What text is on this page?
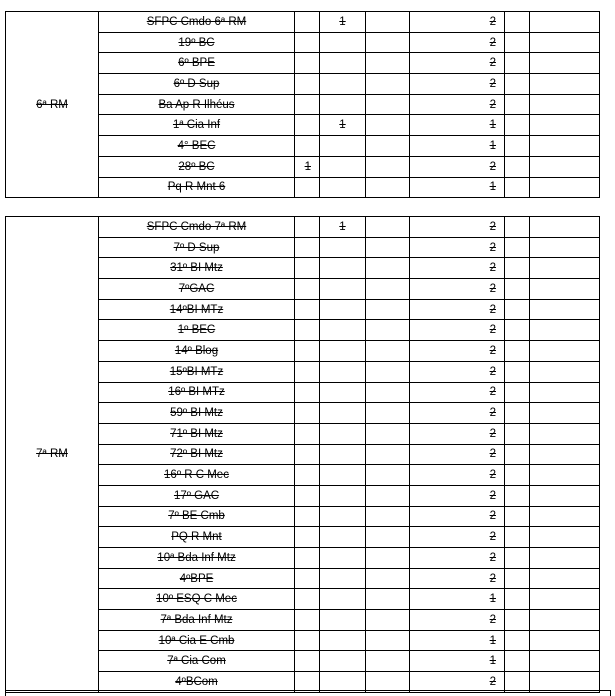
6ª RM	SFPC Cmdo 6ª RM		1		2		
	19º BC				2		
	6º BPE				2		
	6º D Sup				2		
	Ba Ap R Ilhéus				2		
	1ª Cia Inf		1		1		
	4° BEC				1		
	28º BC	1			2		
	Pq R Mnt 6				1		
7ª RM	SFPC Cmdo 7ª RM		1		2		
	7º D Sup				2		
	31º BI Mtz				2		
	7ºGAC				2		
	14ºBI MTz				2		
	1º BEC				2		
	14º Blog				2		
	15ºBI MTz				2		
	16º BI MTz				2		
	59º BI Mtz				2		
	71º BI Mtz				2		
	72º BI Mtz				2		
	16º R C Mec				2		
	17º GAC				2		
	7º BE Cmb				2		
	PQ R Mnt				2		
	10ª Bda Inf Mtz				2		
	4ºBPE				2		
	10º ESQ C Mec				1		
	7ª Bda Inf Mtz				2		
	10ª Cia E Cmb				1		
	7ª Cia Com				1		
	4ºBCom				2		
